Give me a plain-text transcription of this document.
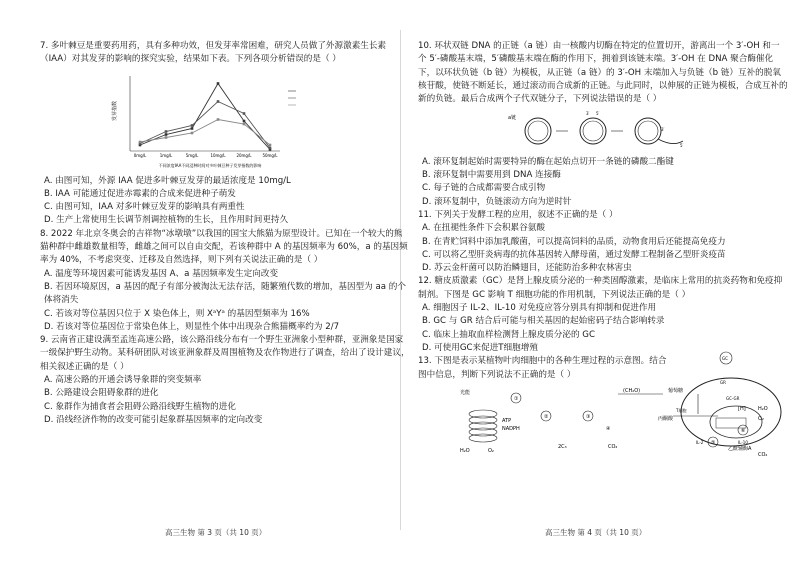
7. 多叶棘豆是重要药用药，具有多种功效，但发芽率常困难，研究人员做了外源激素生长素（IAA）对其发芽的影响的探究实验，结果如下表。下列各项分析错误的是（ ）

发芽指数
0mg/L	1mg/L	5mg/L	10mg/L	20mg/L	50mg/L
不同浓度IAA不同浸种时间对多叶棘豆种子发芽指数的影响

A. 由图可知，外源 IAA 促进多叶棘豆发芽的最适浓度是 10mg/L

B. IAA 可能通过促进赤霉素的合成来促进种子萌发

C. 由图可知，IAA 对多叶棘豆发芽的影响具有两重性

D. 生产上常使用生长调节剂调控植物的生长，且作用时间更持久

8. 2022 年北京冬奥会的吉祥物“冰墩墩”以我国的国宝大熊猫为原型设计。已知在一个较大的熊猫种群中雌雄数量相等，雌雄之间可以自由交配，若该种群中 A 的基因频率为 60%，a 的基因频率为 40%，不考虑突变、迁移及自然选择，则下列有关说法正确的是（ ）

A. 温度等环境因素可能诱发基因 A、a 基因频率发生定向改变

B. 若因环境原因，a 基因的配子有部分被淘汰无法存活，随繁殖代数的增加，基因型为 aa 的个体将消失

C. 若该对等位基因只位于 X 染色体上，则 XᵃYᵃ 的基因型频率为 16%

D. 若该对等位基因位于常染色体上，则显性个体中出现杂合熊猫概率约为 2/7

9. 云南省正建设满至孟连高速公路，该公路沿线分布有一个野生亚洲象小型种群，亚洲象是国家一级保护野生动物。某科研团队对该亚洲象群及周围植物及农作物进行了调查，给出了设计建议，相关叙述正确的是（ ）

A. 高速公路的开通会诱导象群的突变频率

B. 公路建设会阻碍象群的进化

C. 象群作为捕食者会阻碍公路沿线野生植物的进化

D. 沿线经济作物的改变可能引起象群基因频率的定向改变

10. 环状双链 DNA 的正链（a 链）由一核酸内切酶在特定的位置切开，游离出一个 3′-OH 和一个 5′-磷酸基末端，5′磷酸基末端在酶的作用下，拥着到该链末端。3′-OH 在 DNA 聚合酶催化下，以环状负链（b 链）为模板，从正链（a 链）的 3′-OH 末端加入与负链（b 链）互补的脱氧核苷酸，使链不断延长，通过滚动而合成新的正链。与此同时，以伸展的正链为模板，合成互补的新的负链。最后合成两个子代双链分子，下列说法错误的是（ ）

a链
3′ 5′
3′
5′

A. 滚环复制起始时需要特异的酶在起始点切开一条链的磷酸二酯键

B. 滚环复制中需要用到 DNA 连接酶

C. 每子链的合成都需要合成引物

D. 滚环复制中，负链滚动方向为逆时针

11. 下列关于发酵工程的应用，叙述不正确的是（ ）

A. 在扭褪性条件下会积累谷氨酸

B. 在青贮饲料中添加乳酸菌，可以提高饲料的品质，动物食用后还能提高免疫力

C. 可以将乙型肝炎病毒的抗体基因转入酵母菌，通过发酵工程制备乙型肝炎疫苗

D. 苏云金杆菌可以防治鳞翅目，还能防治多种农林害虫

12. 糖皮质激素（GC）是肾上腺皮质分泌的一种类固醇激素，是临床上常用的抗炎药物和免疫抑制剂。下图是 GC 影响 T 细胞功能的作用机制，下列说法正确的是（ ）

A. 细胞因子 IL-2、IL-10 对免疫应答分别具有抑制和促进作用

B. GC 与 GR 结合后可能与相关基因的起始密码子结合影响转录

C. 临床上抽取血样检测肾上腺皮质分泌的 GC

D. 可使用GC来促进T细胞增殖

13. 下图是表示某植物叶肉细胞中的各种生理过程的示意图。结合图中信息，判断下列说法不正确的是（ ）

GC
GR
GC-GR
T细胞
IL-2	IL-10
光能
①
②	③
④
⑤
⑥
ATP
NADPH
H₂O	O₂
2C₃	CO₂
(CH₂O)	葡萄糖
丙酮酸
乙酰辅酶A
[H] H₂O
O₂
CO₂
高三生物 第 3 页（共 10 页）	高三生物 第 4 页（共 10 页）
